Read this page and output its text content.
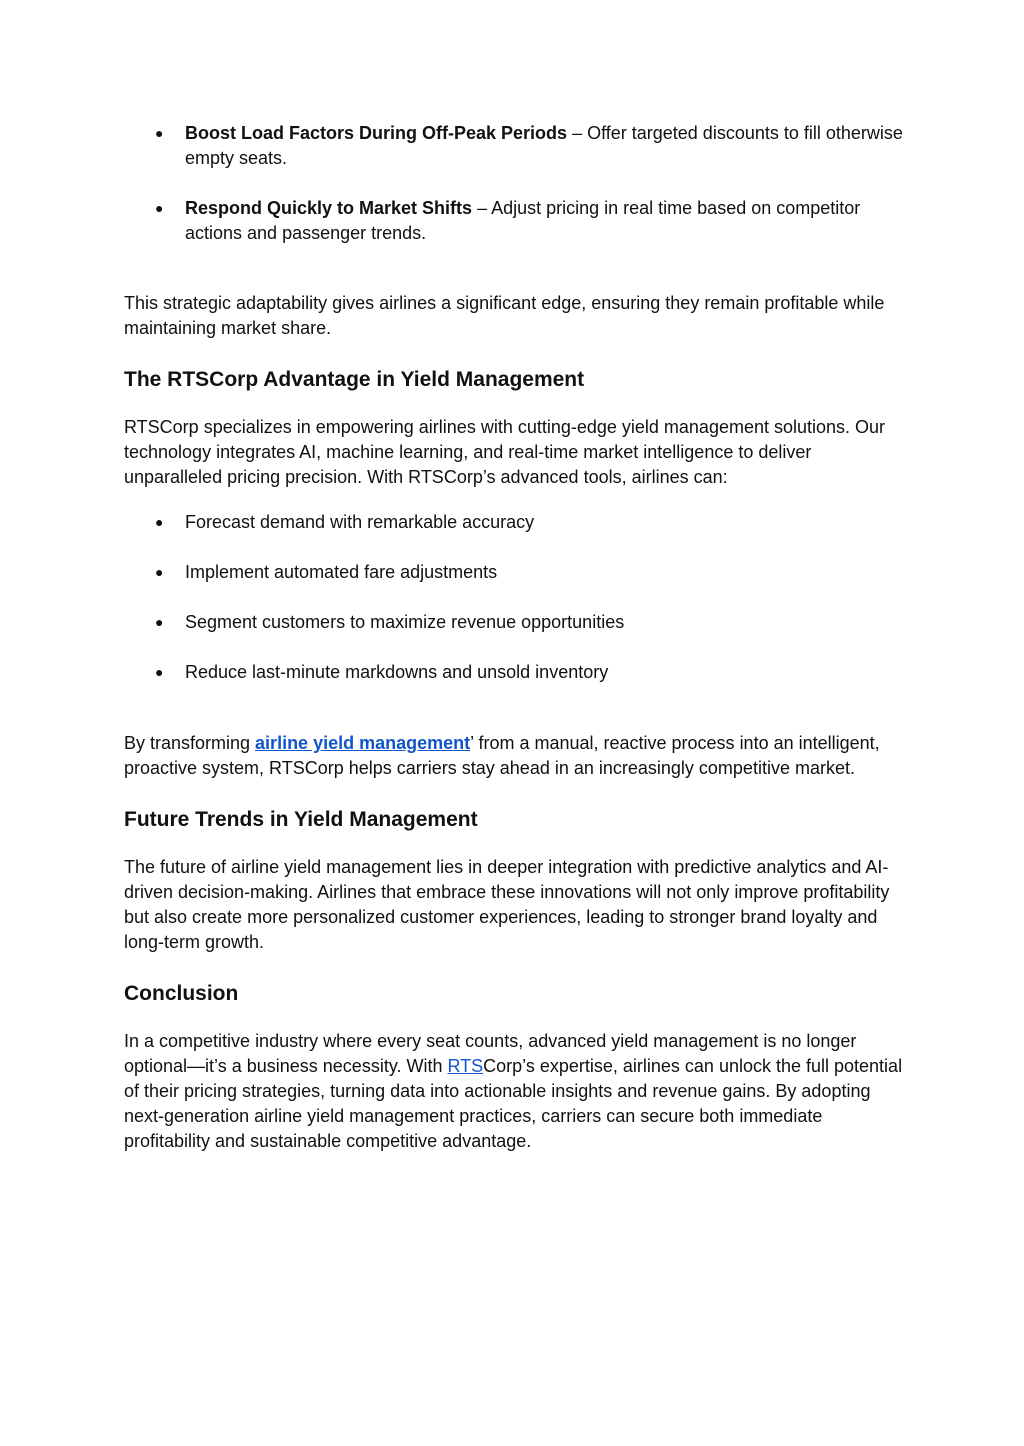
● Boost Load Factors During Off-Peak Periods – Offer targeted discounts to fill otherwise empty seats.
● Respond Quickly to Market Shifts – Adjust pricing in real time based on competitor actions and passenger trends.

This strategic adaptability gives airlines a significant edge, ensuring they remain profitable while maintaining market share.

The RTSCorp Advantage in Yield Management

RTSCorp specializes in empowering airlines with cutting-edge yield management solutions. Our technology integrates AI, machine learning, and real-time market intelligence to deliver unparalleled pricing precision. With RTSCorp’s advanced tools, airlines can:

● Forecast demand with remarkable accuracy
● Implement automated fare adjustments
● Segment customers to maximize revenue opportunities
● Reduce last-minute markdowns and unsold inventory

By transforming airline yield management’ from a manual, reactive process into an intelligent, proactive system, RTSCorp helps carriers stay ahead in an increasingly competitive market.

Future Trends in Yield Management

The future of airline yield management lies in deeper integration with predictive analytics and AI-driven decision-making. Airlines that embrace these innovations will not only improve profitability but also create more personalized customer experiences, leading to stronger brand loyalty and long-term growth.

Conclusion

In a competitive industry where every seat counts, advanced yield management is no longer optional—it’s a business necessity. With RTSCorp’s expertise, airlines can unlock the full potential of their pricing strategies, turning data into actionable insights and revenue gains. By adopting next-generation airline yield management practices, carriers can secure both immediate profitability and sustainable competitive advantage.
